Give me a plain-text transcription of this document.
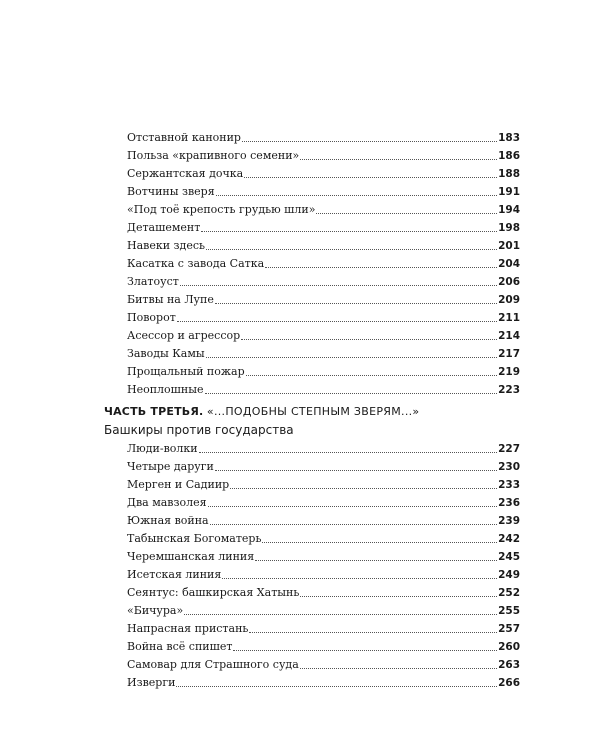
Отставной канонир	183
Польза «крапивного семени»	186
Сержантская дочка	188
Вотчины зверя	191
«Под тоё крепость грудью шли»	194
Деташемент	198
Навеки здесь	201
Касатка с завода Сатка	204
Златоуст	206
Битвы на Лупе	209
Поворот	211
Асессор и агрессор	214
Заводы Камы	217
Прощальный пожар	219
Неоплошные	223
ЧАСТЬ ТРЕТЬЯ. «...ПОДОБНЫ СТЕПНЫМ ЗВЕРЯМ...»
Башкиры против государства
Люди-волки	227
Четыре даруги	230
Мерген и Садиир	233
Два мавзолея	236
Южная война	239
Табынская Богоматерь	242
Черемшанская линия	245
Исетская линия	249
Сеянтус: башкирская Хатынь	252
«Бичура»	255
Напрасная пристань	257
Война всё спишет	260
Самовар для Страшного суда	263
Изверги	266
